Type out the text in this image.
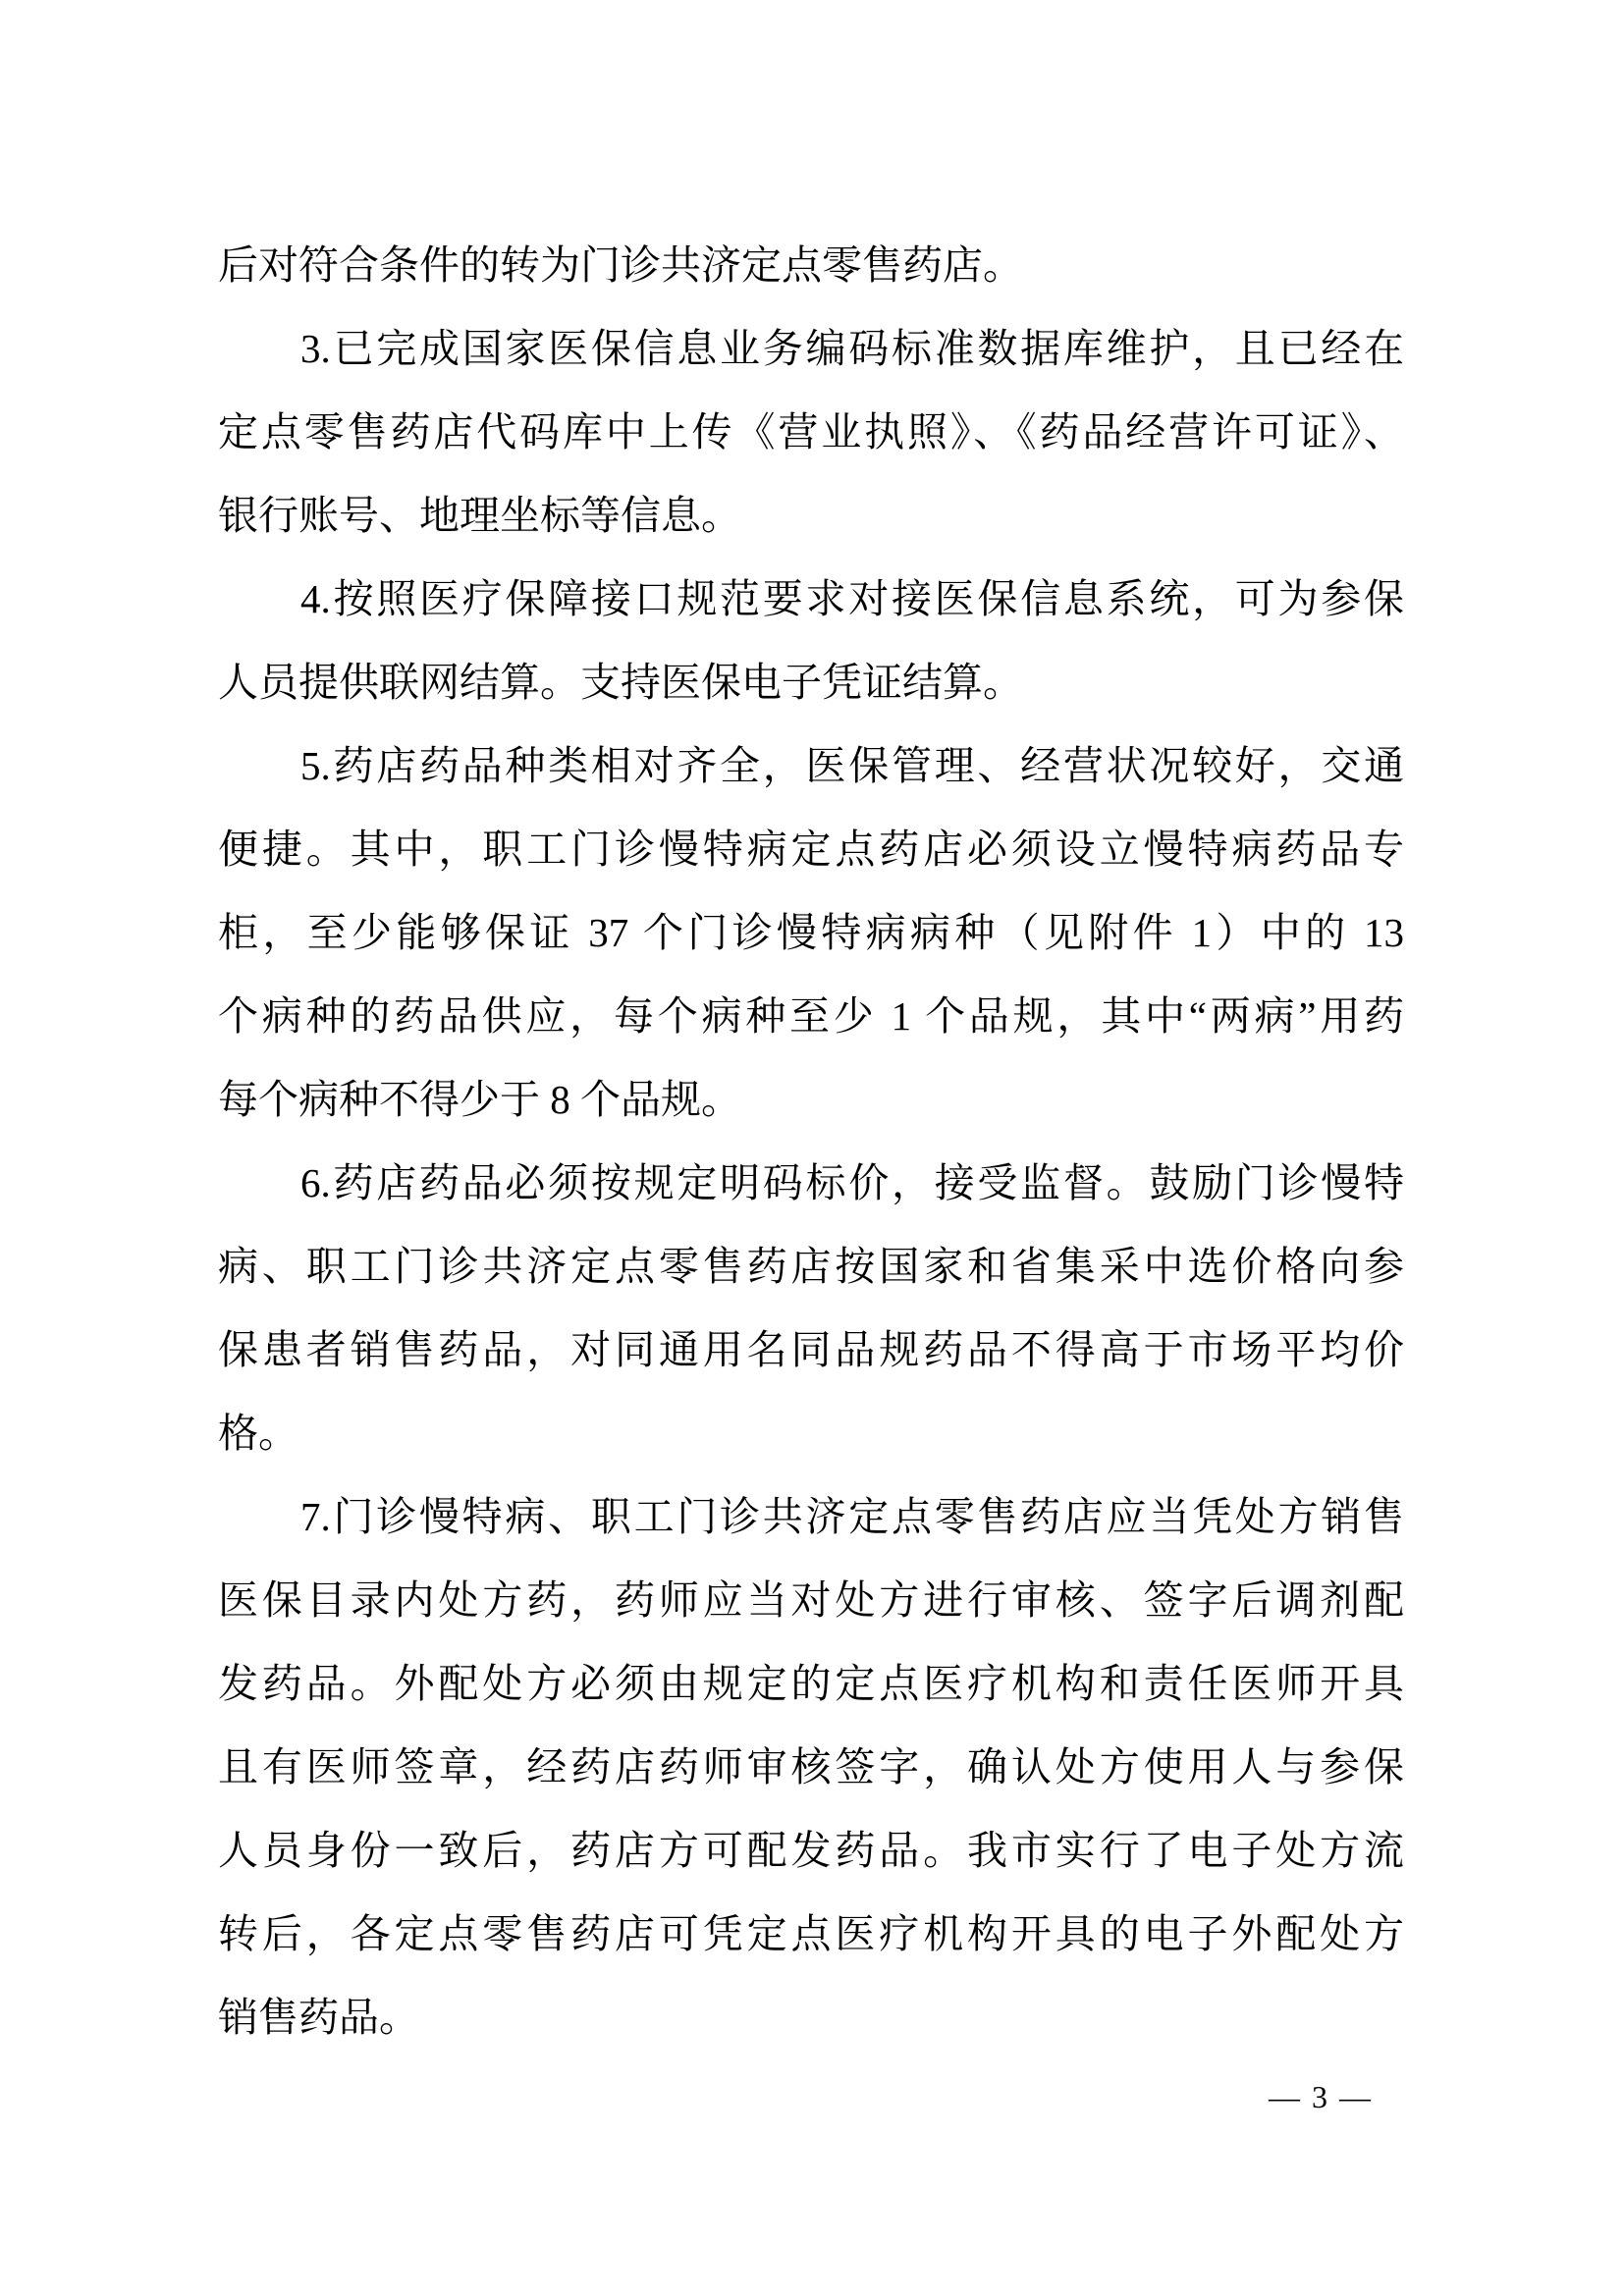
后对符合条件的转为门诊共济定点零售药店。
3.已完成国家医保信息业务编码标准数据库维护，且已经在
定点零售药店代码库中上传《营业执照》、《药品经营许可证》、
银行账号、地理坐标等信息。
4.按照医疗保障接口规范要求对接医保信息系统，可为参保
人员提供联网结算。支持医保电子凭证结算。
5.药店药品种类相对齐全，医保管理、经营状况较好，交通
便捷。其中，职工门诊慢特病定点药店必须设立慢特病药品专
柜，至少能够保证 37 个门诊慢特病病种（见附件 1）中的 13
个病种的药品供应，每个病种至少 1 个品规，其中“两病”用药
每个病种不得少于 8 个品规。
6.药店药品必须按规定明码标价，接受监督。鼓励门诊慢特
病、职工门诊共济定点零售药店按国家和省集采中选价格向参
保患者销售药品，对同通用名同品规药品不得高于市场平均价
格。
7.门诊慢特病、职工门诊共济定点零售药店应当凭处方销售
医保目录内处方药，药师应当对处方进行审核、签字后调剂配
发药品。外配处方必须由规定的定点医疗机构和责任医师开具
且有医师签章，经药店药师审核签字，确认处方使用人与参保
人员身份一致后，药店方可配发药品。我市实行了电子处方流
转后，各定点零售药店可凭定点医疗机构开具的电子外配处方
销售药品。
— 3 —
